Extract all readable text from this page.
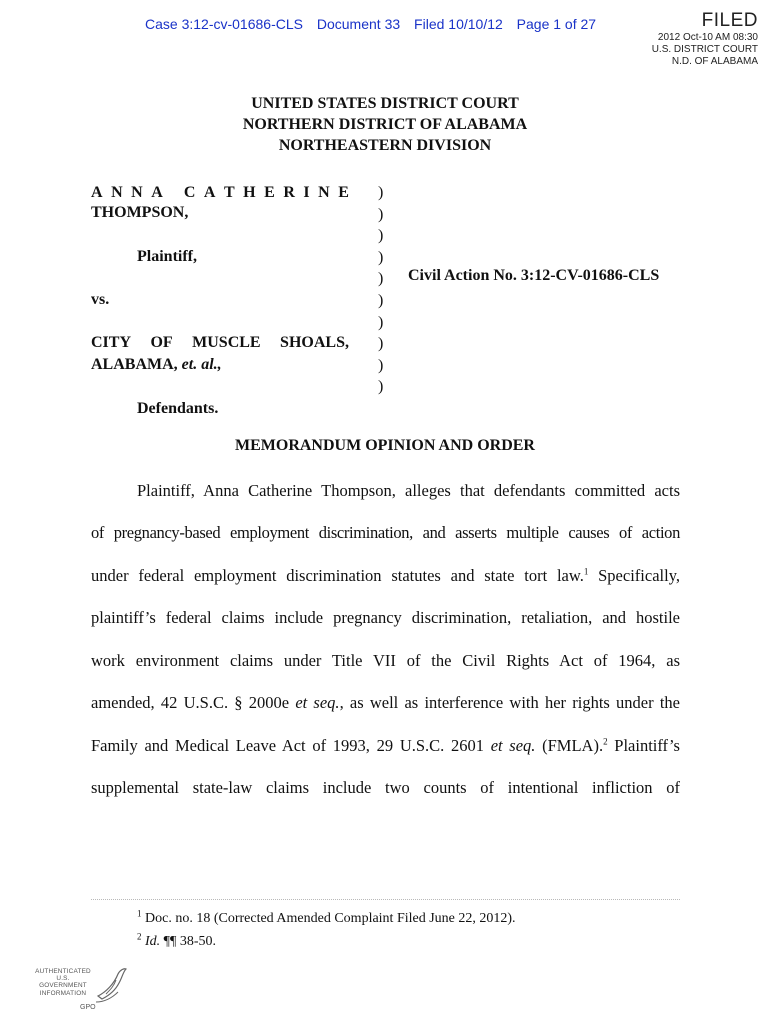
Case 3:12-cv-01686-CLS Document 33 Filed 10/10/12 Page 1 of 27	FILED
2012 Oct-10 AM 08:30
U.S. DISTRICT COURT
N.D. OF ALABAMA
UNITED STATES DISTRICT COURT
NORTHERN DISTRICT OF ALABAMA
NORTHEASTERN DIVISION
A N N A
C A T H E R I N E
THOMPSON,
Plaintiff,
vs.
CITY OF MUSCLE SHOALS,
ALABAMA, et. al.,
Defendants.
)
)
)
)
)
)
)
)
)
)
Civil Action No. 3:12-CV-01686-CLS
MEMORANDUM OPINION AND ORDER
Plaintiff, Anna Catherine Thompson, alleges that defendants committed acts
of pregnancy-based employment discrimination, and asserts multiple causes of action
under federal employment discrimination statutes and state tort law.$^1$ Specifically,
plaintiff’s federal claims include pregnancy discrimination, retaliation, and hostile
work environment claims under Title VII of the Civil Rights Act of 1964, as
amended, 42 U.S.C. § 2000e et seq., as well as interference with her rights under the
Family and Medical Leave Act of 1993, 29 U.S.C. 2601 et seq. (FMLA).$^2$ Plaintiff’s
supplemental state-law claims include two counts of intentional infliction of
$^1$ Doc. no. 18 (Corrected Amended Complaint Filed June 22, 2012).
$^2$ Id. ¶¶ 38-50.
AUTHENTICATED
U.S. GOVERNMENT
INFORMATION
GPO
